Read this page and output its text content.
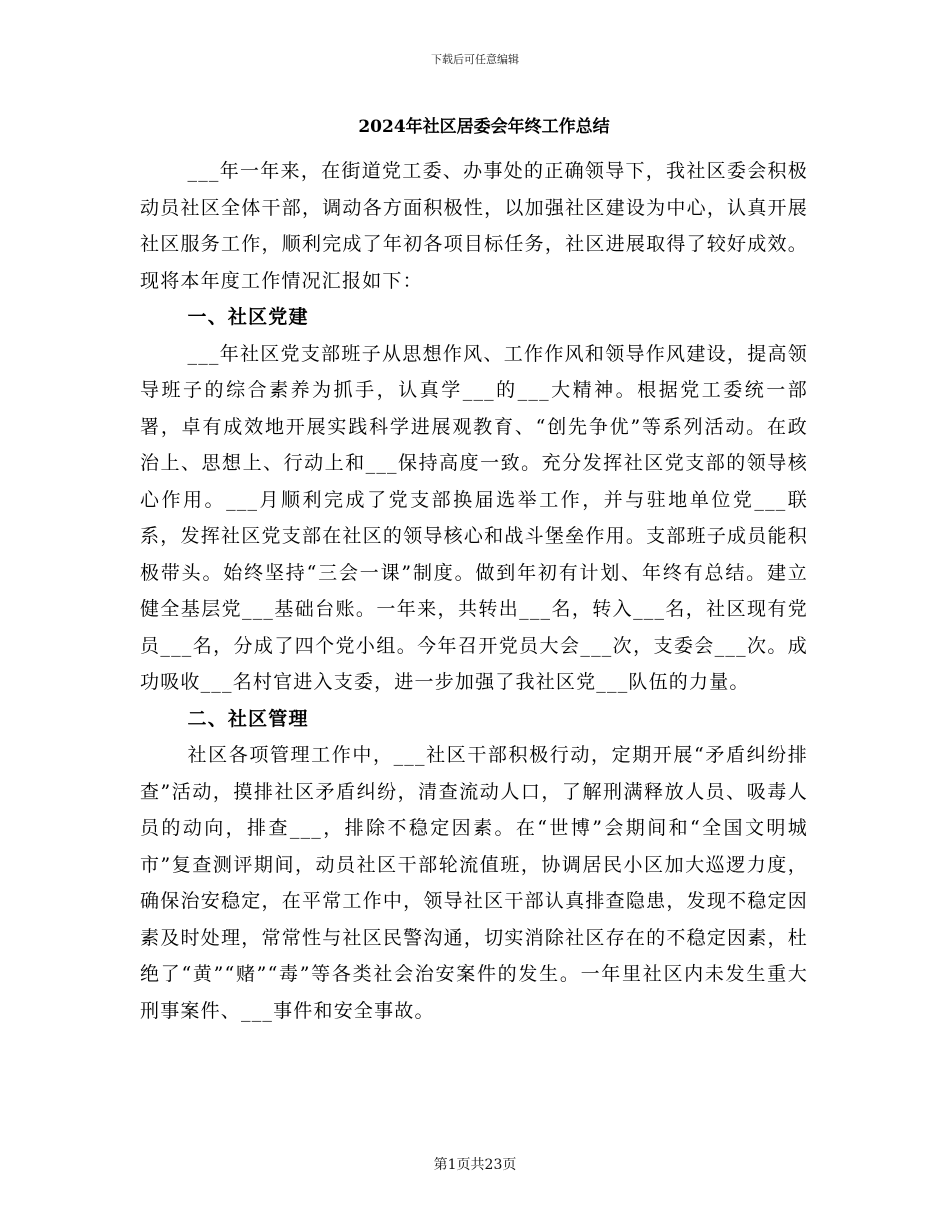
下载后可任意编辑
2024年社区居委会年终工作总结

___年一年来，在街道党工委、办事处的正确领导下，我社区委会积极动员社区全体干部，调动各方面积极性，以加强社区建设为中心，认真开展社区服务工作，顺利完成了年初各项目标任务，社区进展取得了较好成效。现将本年度工作情况汇报如下：

一、社区党建

___年社区党支部班子从思想作风、工作作风和领导作风建设，提高领导班子的综合素养为抓手，认真学___的___大精神。根据党工委统一部署，卓有成效地开展实践科学进展观教育、“创先争优”等系列活动。在政治上、思想上、行动上和___保持高度一致。充分发挥社区党支部的领导核心作用。___月顺利完成了党支部换届选举工作，并与驻地单位党___联系，发挥社区党支部在社区的领导核心和战斗堡垒作用。支部班子成员能积极带头。始终坚持“三会一课”制度。做到年初有计划、年终有总结。建立健全基层党___基础台账。一年来，共转出___名，转入___名，社区现有党员___名，分成了四个党小组。今年召开党员大会___次，支委会___次。成功吸收___名村官进入支委，进一步加强了我社区党___队伍的力量。

二、社区管理

社区各项管理工作中，___社区干部积极行动，定期开展“矛盾纠纷排查”活动，摸排社区矛盾纠纷，清查流动人口，了解刑满释放人员、吸毒人员的动向，排查___，排除不稳定因素。在“世博”会期间和“全国文明城市”复查测评期间，动员社区干部轮流值班，协调居民小区加大巡逻力度，确保治安稳定，在平常工作中，领导社区干部认真排查隐患，发现不稳定因素及时处理，常常性与社区民警沟通，切实消除社区存在的不稳定因素，杜绝了“黄”“赌”“毒”等各类社会治安案件的发生。一年里社区内未发生重大刑事案件、___事件和安全事故。

第1页共23页
